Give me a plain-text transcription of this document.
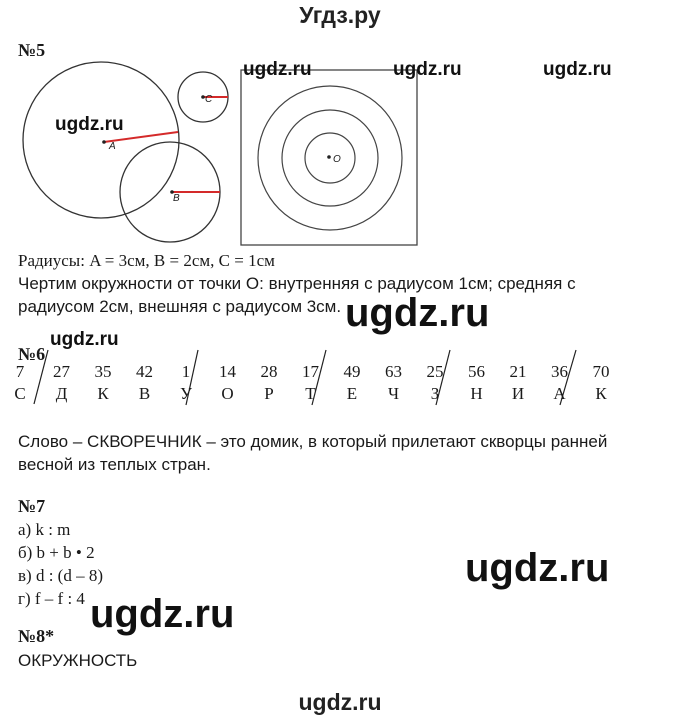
Угдз.ру
№5
A
B
C
O
ugdz.ru	ugdz.ru	ugdz.ru
ugdz.ru
Радиусы: A = 3см, B = 2см, C = 1см
Чертим окружности от точки O: внутренняя с радиусом 1см; средняя с
радиусом 2см, внешняя с радиусом 3см. ugdz.ru
ugdz.ru
№6
7	27	35	42	1	14	28	17	49	63	25	56	21	36	70
С	Д	К	В	У	О	Р	Т	Е	Ч	З	Н	И	А	К
Слово – СКВОРЕЧНИК – это домик, в который прилетают скворцы ранней
весной из теплых стран.
№7
а) k : m
б) b + b • 2
в) d : (d – 8)
г) f – f : 4
ugdz.ru
ugdz.ru
№8*
ОКРУЖНОСТЬ
ugdz.ru
